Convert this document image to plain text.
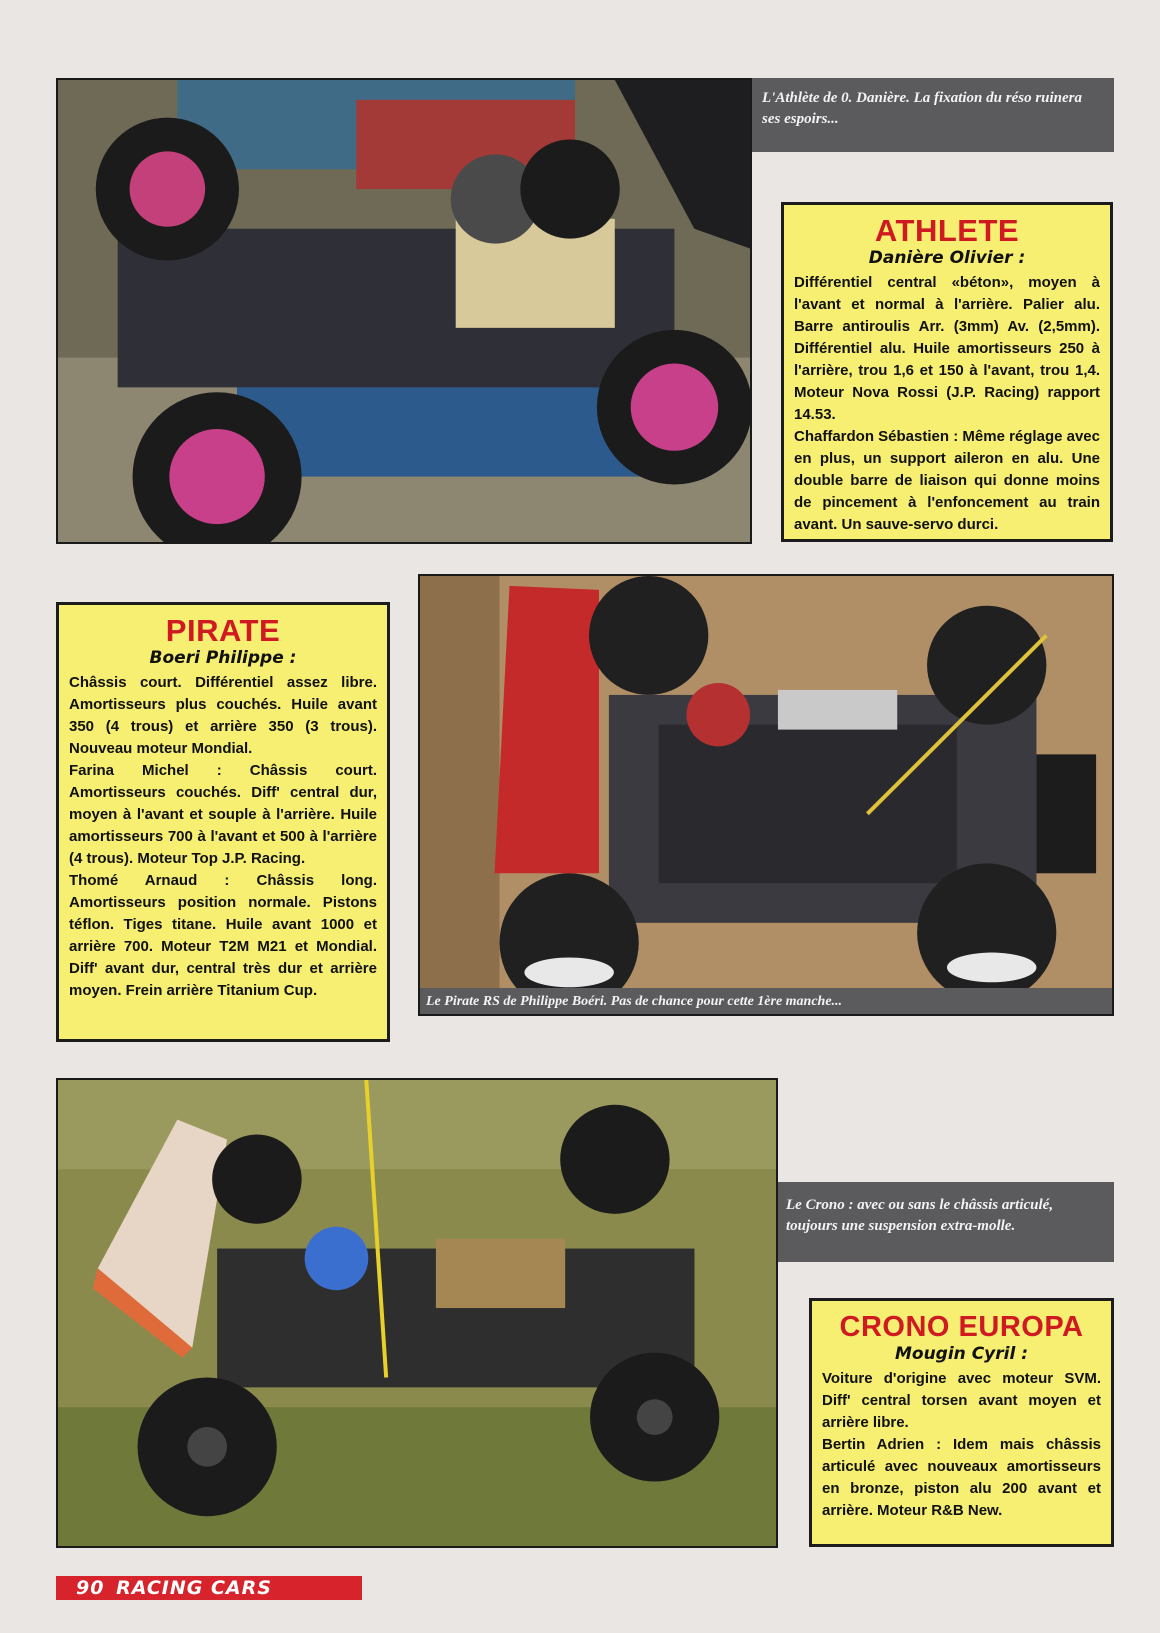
L'Athlète de 0. Danière. La fixation du réso ruinera ses espoirs...
ATHLETE
Danière Olivier :
Différentiel central «béton», moyen à l'avant et normal à l'arrière. Palier alu. Barre antiroulis Arr. (3mm) Av. (2,5mm). Différentiel alu. Huile amortisseurs 250 à l'arrière, trou 1,6 et 150 à l'avant, trou 1,4. Moteur Nova Rossi (J.P. Racing) rapport 14.53.
Chaffardon Sébastien : Même réglage avec en plus, un support aileron en alu. Une double barre de liaison qui donne moins de pincement à l'enfoncement au train avant. Un sauve-servo durci.
PIRATE
Boeri Philippe :
Châssis court. Différentiel assez libre. Amortisseurs plus couchés. Huile avant 350 (4 trous) et arrière 350 (3 trous). Nouveau moteur Mondial.
Farina Michel : Châssis court. Amortisseurs couchés. Diff' central dur, moyen à l'avant et souple à l'arrière. Huile amortisseurs 700 à l'avant et 500 à l'arrière (4 trous). Moteur Top J.P. Racing.
Thomé Arnaud : Châssis long. Amortisseurs position normale. Pistons téflon. Tiges titane. Huile avant 1000 et arrière 700. Moteur T2M M21 et Mondial. Diff' avant dur, central très dur et arrière moyen. Frein arrière Titanium Cup.
Le Pirate RS de Philippe Boéri. Pas de chance pour cette 1ère manche...
Le Crono : avec ou sans le châssis articulé, toujours une suspension extra-molle.
CRONO EUROPA
Mougin Cyril :
Voiture d'origine avec moteur SVM. Diff' central torsen avant moyen et arrière libre.
Bertin Adrien : Idem mais châssis articulé avec nouveaux amortisseurs en bronze, piston alu 200 avant et arrière. Moteur R&B New.
90 RACING CARS
